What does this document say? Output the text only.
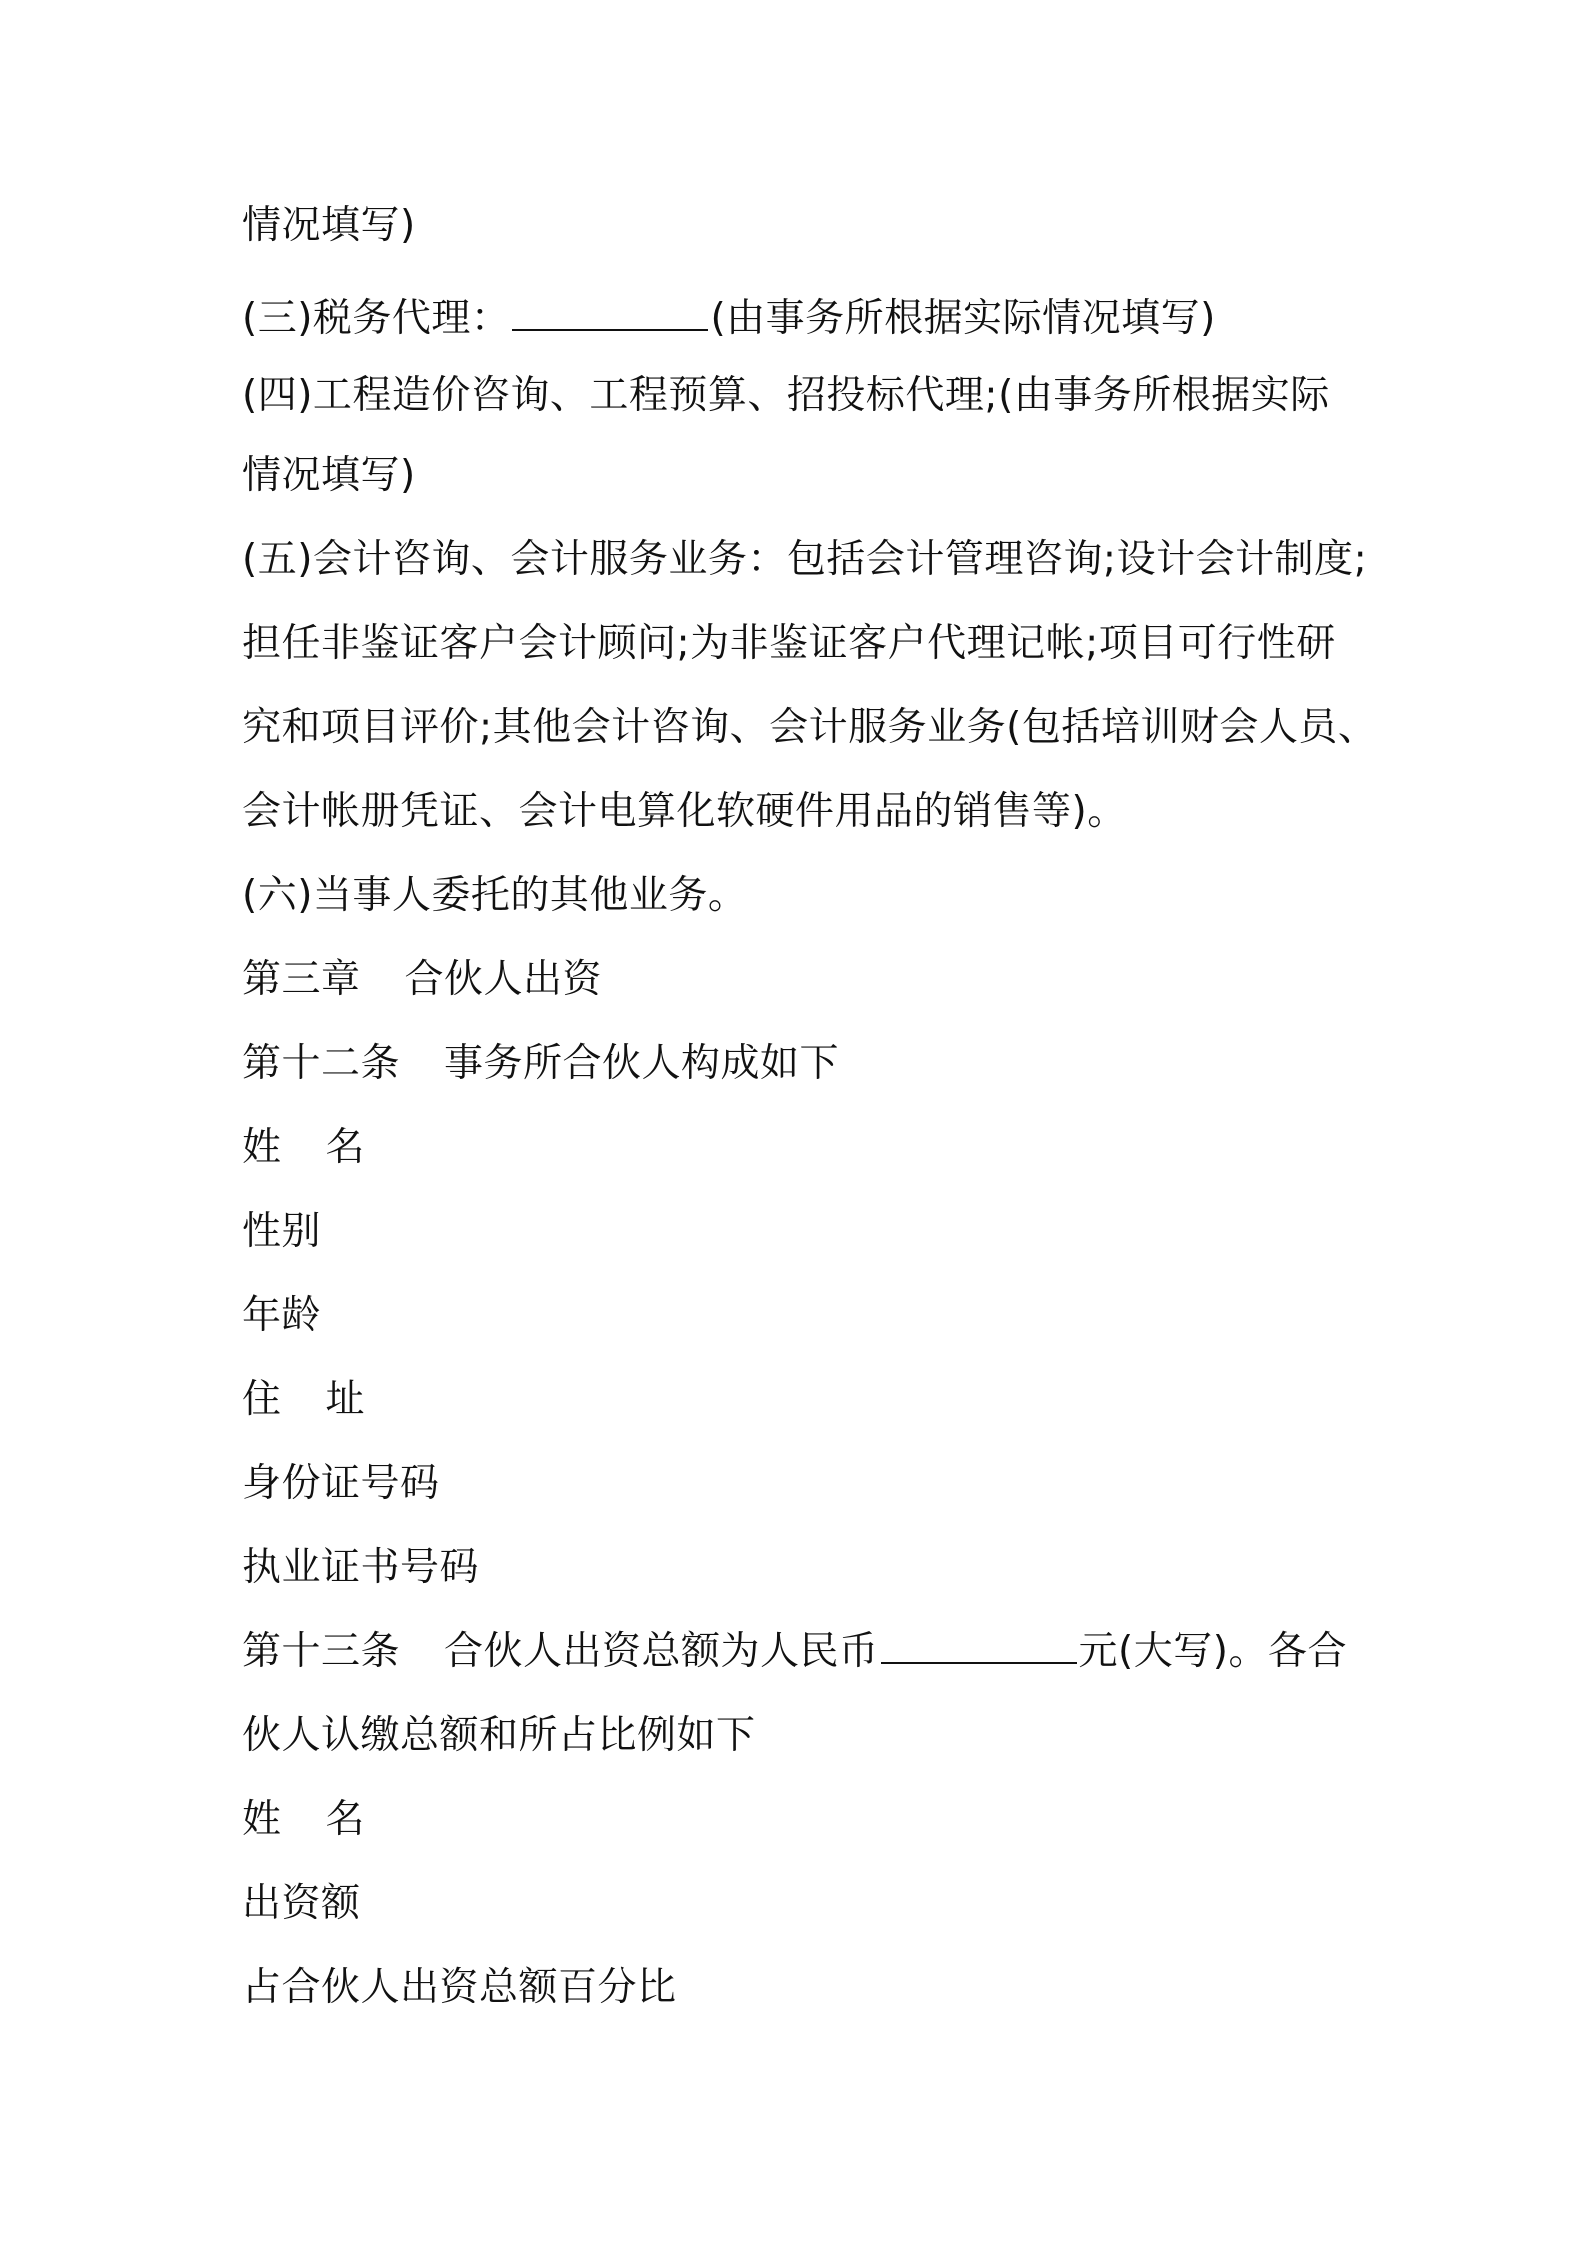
情况填写)
(三)税务代理：	(由事务所根据实际情况填写)
(四)工程造价咨询、工程预算、招投标代理;(由事务所根据实际
情况填写)
(五)会计咨询、会计服务业务：包括会计管理咨询;设计会计制度;
担任非鉴证客户会计顾问;为非鉴证客户代理记帐;项目可行性研
究和项目评价;其他会计咨询、会计服务业务(包括培训财会人员、
会计帐册凭证、会计电算化软硬件用品的销售等)。
(六)当事人委托的其他业务。
第三章 合伙人出资
第十二条 事务所合伙人构成如下
姓 名
性别
年龄
住 址
身份证号码
执业证书号码
第十三条 合伙人出资总额为人民币	元(大写)。各合
伙人认缴总额和所占比例如下
姓 名
出资额
占合伙人出资总额百分比
